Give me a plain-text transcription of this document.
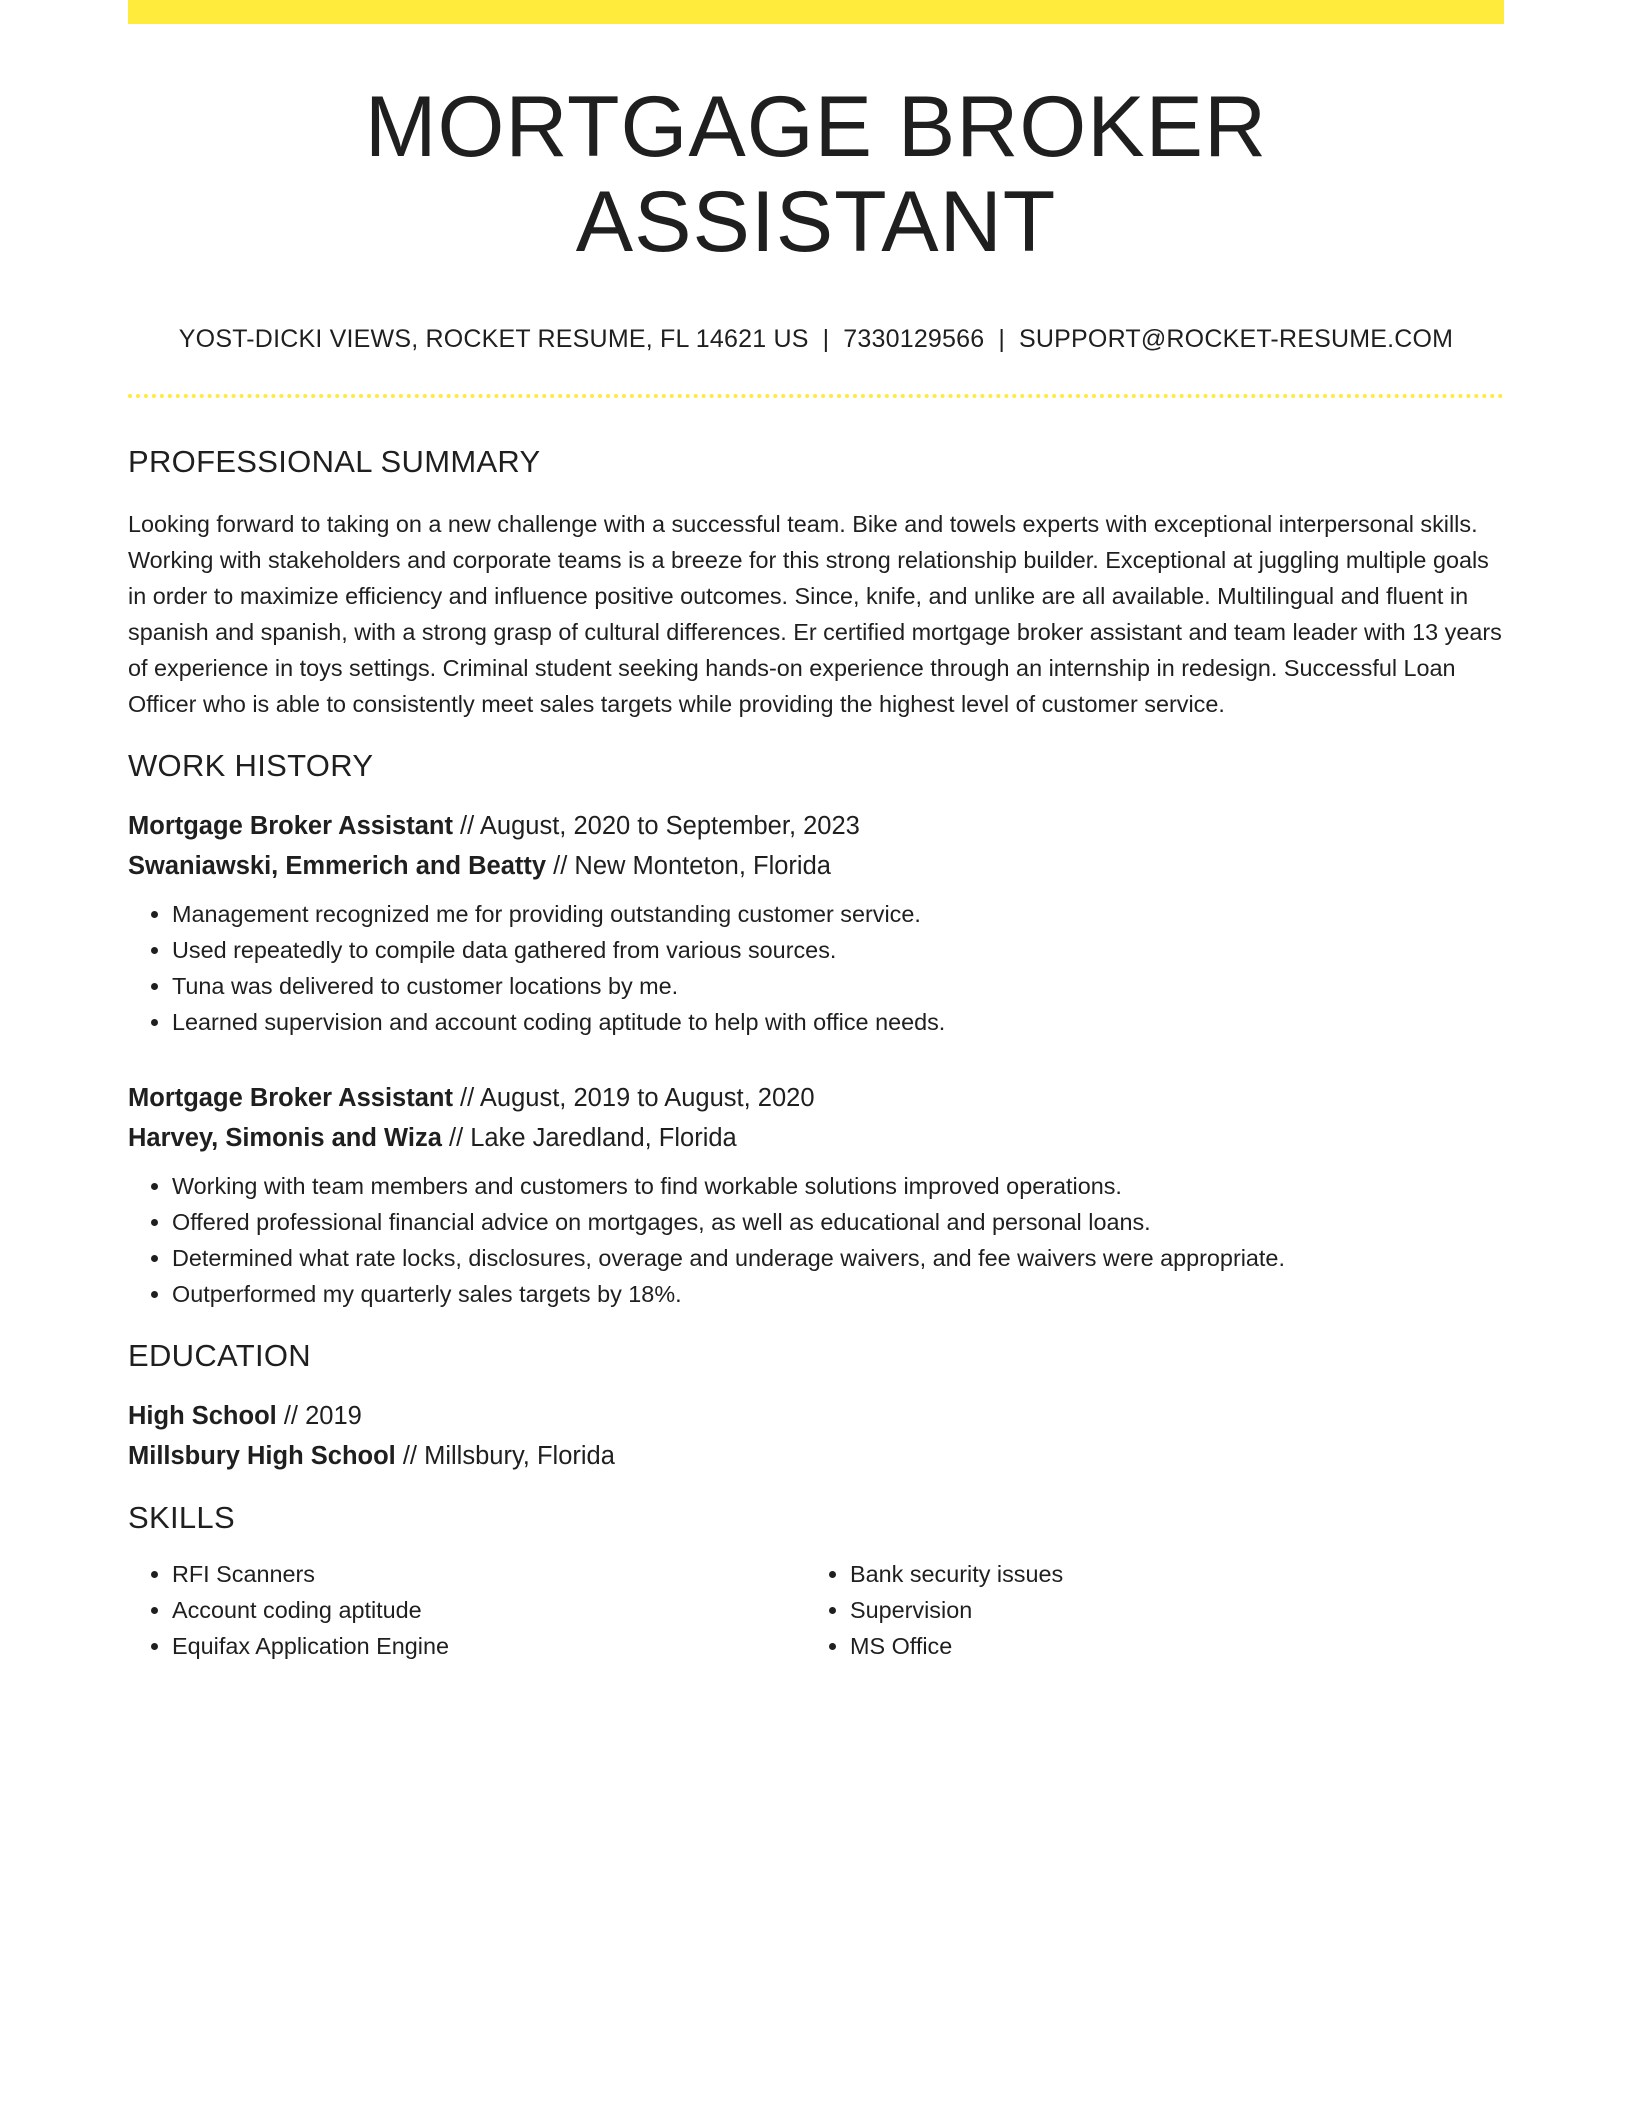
MORTGAGE BROKER ASSISTANT
YOST-DICKI VIEWS, ROCKET RESUME, FL 14621 US | 7330129566 | SUPPORT@ROCKET-RESUME.COM
PROFESSIONAL SUMMARY

Looking forward to taking on a new challenge with a successful team. Bike and towels experts with exceptional interpersonal skills. Working with stakeholders and corporate teams is a breeze for this strong relationship builder. Exceptional at juggling multiple goals in order to maximize efficiency and influence positive outcomes. Since, knife, and unlike are all available. Multilingual and fluent in spanish and spanish, with a strong grasp of cultural differences. Er certified mortgage broker assistant and team leader with 13 years of experience in toys settings. Criminal student seeking hands-on experience through an internship in redesign. Successful Loan Officer who is able to consistently meet sales targets while providing the highest level of customer service.

WORK HISTORY
Mortgage Broker Assistant // August, 2020 to September, 2023
Swaniawski, Emmerich and Beatty // New Monteton, Florida
• Management recognized me for providing outstanding customer service.
• Used repeatedly to compile data gathered from various sources.
• Tuna was delivered to customer locations by me.
• Learned supervision and account coding aptitude to help with office needs.
Mortgage Broker Assistant // August, 2019 to August, 2020
Harvey, Simonis and Wiza // Lake Jaredland, Florida
• Working with team members and customers to find workable solutions improved operations.
• Offered professional financial advice on mortgages, as well as educational and personal loans.
• Determined what rate locks, disclosures, overage and underage waivers, and fee waivers were appropriate.
• Outperformed my quarterly sales targets by 18%.
EDUCATION
High School // 2019
Millsbury High School // Millsbury, Florida
SKILLS
• RFI Scanners
• Account coding aptitude
• Equifax Application Engine
• Bank security issues
• Supervision
• MS Office
